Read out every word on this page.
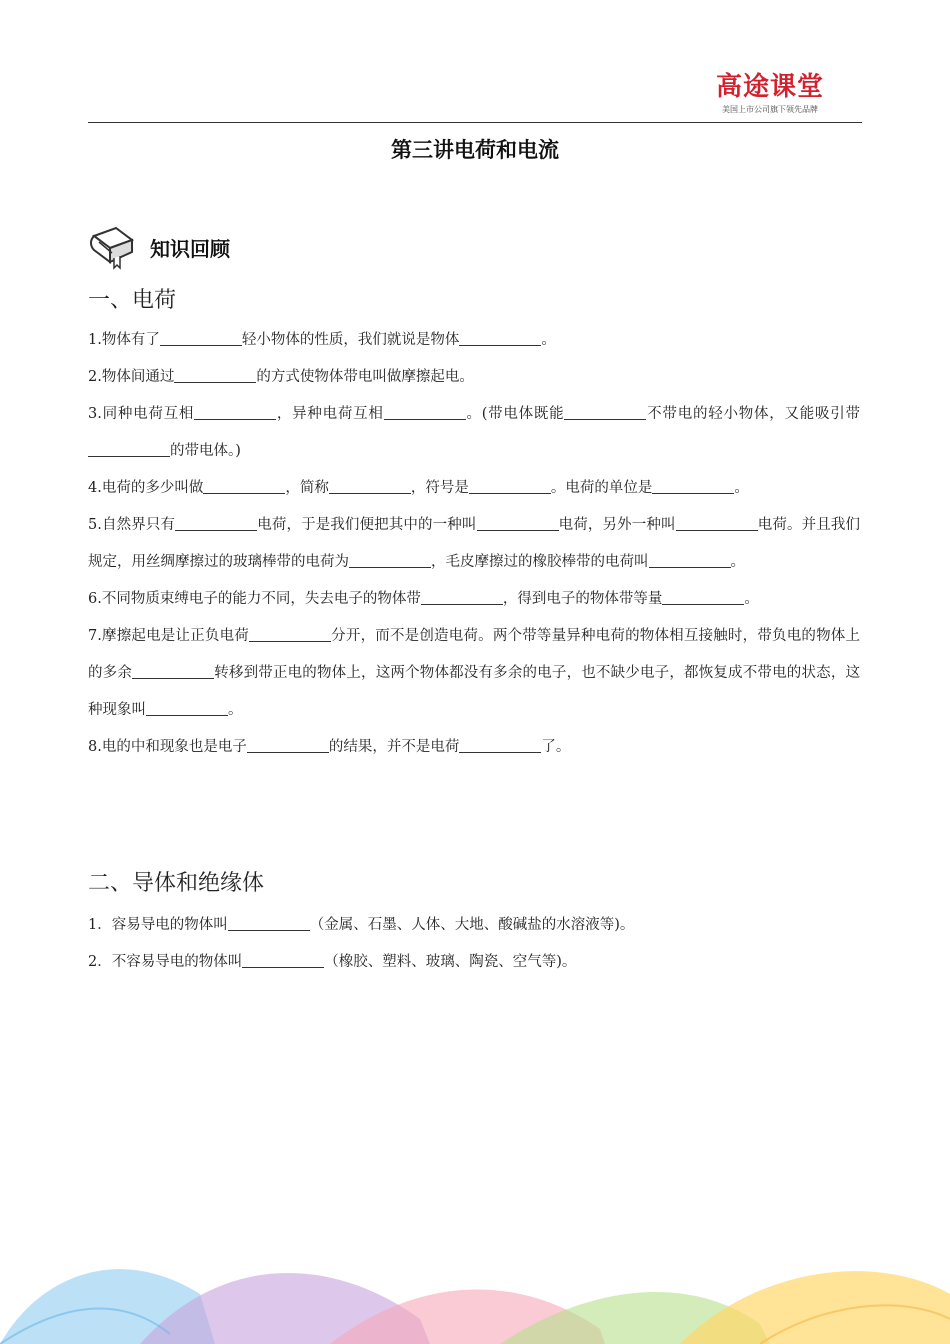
高途课堂
美国上市公司旗下领先品牌
第三讲电荷和电流
知识回顾
一、电荷
1.物体有了	轻小物体的性质，我们就说是物体	。
2.物体间通过	的方式使物体带电叫做摩擦起电。
3.同种电荷互相	，异种电荷互相	。(带电体既能	不带电的轻小物体，又能吸引带的带电体。)
4.电荷的多少叫做	，简称	，符号是	。电荷的单位是	。
5.自然界只有	电荷，于是我们便把其中的一种叫	电荷，另外一种叫	电荷。并且我们规定，用丝绸摩擦过的玻璃棒带的电荷为	，毛皮摩擦过的橡胶棒带的电荷叫	。
6.不同物质束缚电子的能力不同，失去电子的物体带	，得到电子的物体带等量	。
7.摩擦起电是让正负电荷	分开，而不是创造电荷。两个带等量异种电荷的物体相互接触时，带负电的物体上的多余	转移到带正电的物体上，这两个物体都没有多余的电子，也不缺少电子，都恢复成不带电的状态，这种现象叫	。
8.电的中和现象也是电子	的结果，并不是电荷	了。
二、导体和绝缘体
1．容易导电的物体叫	（金属、石墨、人体、大地、酸碱盐的水溶液等)。
2．不容易导电的物体叫	（橡胶、塑料、玻璃、陶瓷、空气等)。
